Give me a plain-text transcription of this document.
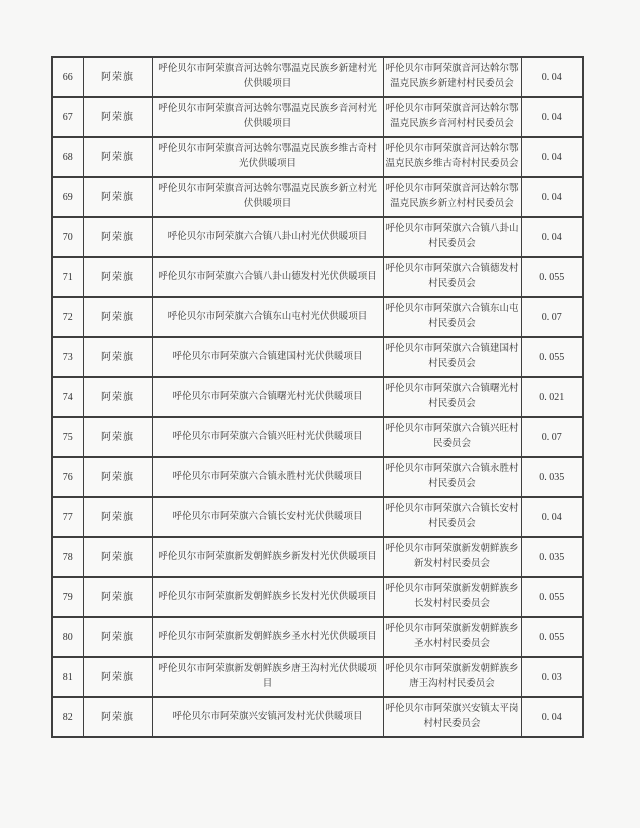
66	阿荣旗	呼伦贝尔市阿荣旗音河达斡尔鄂温克民族乡新建村光伏供暖项目	呼伦贝尔市阿荣旗音河达斡尔鄂温克民族乡新建村村民委员会	0. 04
67	阿荣旗	呼伦贝尔市阿荣旗音河达斡尔鄂温克民族乡音河村光伏供暖项目	呼伦贝尔市阿荣旗音河达斡尔鄂温克民族乡音河村村民委员会	0. 04
68	阿荣旗	呼伦贝尔市阿荣旗音河达斡尔鄂温克民族乡维古奇村光伏供暖项目	呼伦贝尔市阿荣旗音河达斡尔鄂温克民族乡维古奇村村民委员会	0. 04
69	阿荣旗	呼伦贝尔市阿荣旗音河达斡尔鄂温克民族乡新立村光伏供暖项目	呼伦贝尔市阿荣旗音河达斡尔鄂温克民族乡新立村村民委员会	0. 04
70	阿荣旗	呼伦贝尔市阿荣旗六合镇八卦山村光伏供暖项目	呼伦贝尔市阿荣旗六合镇八卦山村民委员会	0. 04
71	阿荣旗	呼伦贝尔市阿荣旗六合镇八卦山德发村光伏供暖项目	呼伦贝尔市阿荣旗六合镇德发村村民委员会	0. 055
72	阿荣旗	呼伦贝尔市阿荣旗六合镇东山屯村光伏供暖项目	呼伦贝尔市阿荣旗六合镇东山屯村民委员会	0. 07
73	阿荣旗	呼伦贝尔市阿荣旗六合镇建国村光伏供暖项目	呼伦贝尔市阿荣旗六合镇建国村村民委员会	0. 055
74	阿荣旗	呼伦贝尔市阿荣旗六合镇曙光村光伏供暖项目	呼伦贝尔市阿荣旗六合镇曙光村村民委员会	0. 021
75	阿荣旗	呼伦贝尔市阿荣旗六合镇兴旺村光伏供暖项目	呼伦贝尔市阿荣旗六合镇兴旺村民委员会	0. 07
76	阿荣旗	呼伦贝尔市阿荣旗六合镇永胜村光伏供暖项目	呼伦贝尔市阿荣旗六合镇永胜村村民委员会	0. 035
77	阿荣旗	呼伦贝尔市阿荣旗六合镇长安村光伏供暖项目	呼伦贝尔市阿荣旗六合镇长安村村民委员会	0. 04
78	阿荣旗	呼伦贝尔市阿荣旗新发朝鲜族乡新发村光伏供暖项目	呼伦贝尔市阿荣旗新发朝鲜族乡新发村村民委员会	0. 035
79	阿荣旗	呼伦贝尔市阿荣旗新发朝鲜族乡长发村光伏供暖项目	呼伦贝尔市阿荣旗新发朝鲜族乡长发村村民委员会	0. 055
80	阿荣旗	呼伦贝尔市阿荣旗新发朝鲜族乡圣水村光伏供暖项目	呼伦贝尔市阿荣旗新发朝鲜族乡圣水村村民委员会	0. 055
81	阿荣旗	呼伦贝尔市阿荣旗新发朝鲜族乡唐王沟村光伏供暖项目	呼伦贝尔市阿荣旗新发朝鲜族乡唐王沟村村民委员会	0. 03
82	阿荣旗	呼伦贝尔市阿荣旗兴安镇河发村光伏供暖项目	呼伦贝尔市阿荣旗兴安镇太平岗村村民委员会	0. 04
